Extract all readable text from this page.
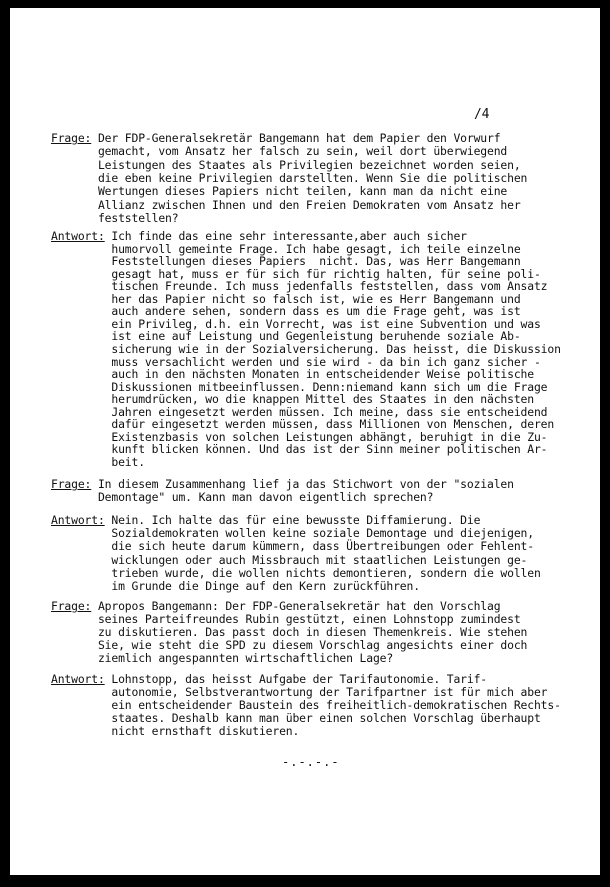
/4
Frage: Der FDP-Generalsekretär Bangemann hat dem Papier den Vorwurf
gemacht, vom Ansatz her falsch zu sein, weil dort überwiegend
Leistungen des Staates als Privilegien bezeichnet worden seien,
die eben keine Privilegien darstellten. Wenn Sie die politischen
Wertungen dieses Papiers nicht teilen, kann man da nicht eine
Allianz zwischen Ihnen und den Freien Demokraten vom Ansatz her
feststellen?
Antwort: Ich finde das eine sehr interessante,aber auch sicher
humorvoll gemeinte Frage. Ich habe gesagt, ich teile einzelne
Feststellungen dieses Papiers  nicht. Das, was Herr Bangemann
gesagt hat, muss er für sich für richtig halten, für seine poli-
tischen Freunde. Ich muss jedenfalls feststellen, dass vom Ansatz
her das Papier nicht so falsch ist, wie es Herr Bangemann und
auch andere sehen, sondern dass es um die Frage geht, was ist
ein Privileg, d.h. ein Vorrecht, was ist eine Subvention und was
ist eine auf Leistung und Gegenleistung beruhende soziale Ab-
sicherung wie in der Sozialversicherung. Das heisst, die Diskussion
muss versachlicht werden und sie wird - da bin ich ganz sicher -
auch in den nächsten Monaten in entscheidender Weise politische
Diskussionen mitbeeinflussen. Denn:niemand kann sich um die Frage
herumdrücken, wo die knappen Mittel des Staates in den nächsten
Jahren eingesetzt werden müssen. Ich meine, dass sie entscheidend
dafür eingesetzt werden müssen, dass Millionen von Menschen, deren
Existenzbasis von solchen Leistungen abhängt, beruhigt in die Zu-
kunft blicken können. Und das ist der Sinn meiner politischen Ar-
beit.
Frage: In diesem Zusammenhang lief ja das Stichwort von der "sozialen
Demontage" um. Kann man davon eigentlich sprechen?
Antwort: Nein. Ich halte das für eine bewusste Diffamierung. Die
Sozialdemokraten wollen keine soziale Demontage und diejenigen,
die sich heute darum kümmern, dass Übertreibungen oder Fehlent-
wicklungen oder auch Missbrauch mit staatlichen Leistungen ge-
trieben wurde, die wollen nichts demontieren, sondern die wollen
im Grunde die Dinge auf den Kern zurückführen.
Frage: Apropos Bangemann: Der FDP-Generalsekretär hat den Vorschlag
seines Parteifreundes Rubin gestützt, einen Lohnstopp zumindest
zu diskutieren. Das passt doch in diesen Themenkreis. Wie stehen
Sie, wie steht die SPD zu diesem Vorschlag angesichts einer doch
ziemlich angespannten wirtschaftlichen Lage?
Antwort: Lohnstopp, das heisst Aufgabe der Tarifautonomie. Tarif-
autonomie, Selbstverantwortung der Tarifpartner ist für mich aber
ein entscheidender Baustein des freiheitlich-demokratischen Rechts-
staates. Deshalb kann man über einen solchen Vorschlag überhaupt
nicht ernsthaft diskutieren.
-.-.-.-
